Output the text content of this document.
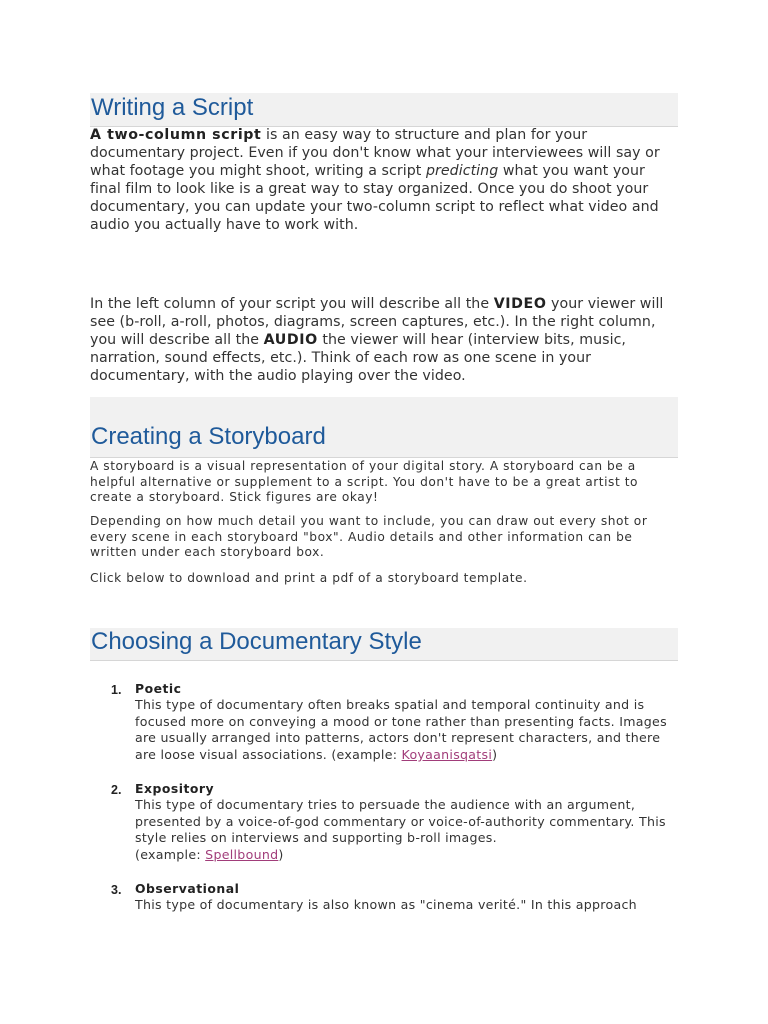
Writing a Script

A two-column script is an easy way to structure and plan for your documentary project. Even if you don't know what your interviewees will say or what footage you might shoot, writing a script predicting what you want your final film to look like is a great way to stay organized. Once you do shoot your documentary, you can update your two-column script to reflect what video and audio you actually have to work with.

In the left column of your script you will describe all the VIDEO your viewer will see (b-roll, a-roll, photos, diagrams, screen captures, etc.). In the right column, you will describe all the AUDIO the viewer will hear (interview bits, music, narration, sound effects, etc.). Think of each row as one scene in your documentary, with the audio playing over the video.

Creating a Storyboard

A storyboard is a visual representation of your digital story. A storyboard can be a helpful alternative or supplement to a script. You don't have to be a great artist to create a storyboard. Stick figures are okay!

Depending on how much detail you want to include, you can draw out every shot or every scene in each storyboard "box". Audio details and other information can be written under each storyboard box.

Click below to download and print a pdf of a storyboard template.

Choosing a Documentary Style
1. Poetic
This type of documentary often breaks spatial and temporal continuity and is focused more on conveying a mood or tone rather than presenting facts. Images are usually arranged into patterns, actors don't represent characters, and there are loose visual associations. (example: Koyaanisqatsi)
2. Expository
This type of documentary tries to persuade the audience with an argument, presented by a voice-of-god commentary or voice-of-authority commentary. This style relies on interviews and supporting b-roll images.
(example: Spellbound)
3. Observational
This type of documentary is also known as "cinema verité." In this approach
